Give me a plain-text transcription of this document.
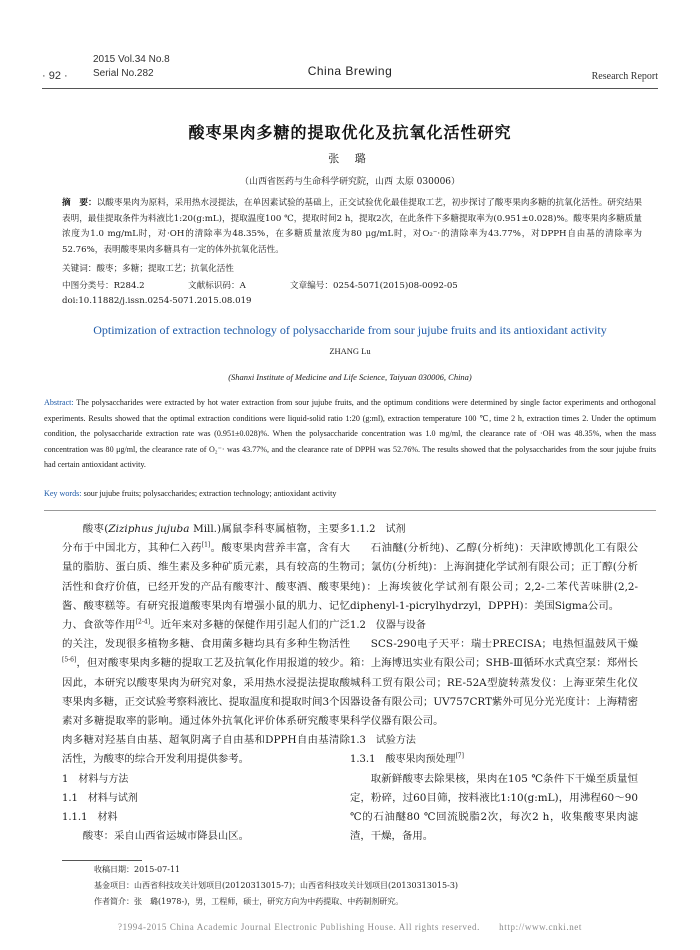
· 92 ·
2015 Vol.34 No.8
Serial No.282	China Brewing	Research Report
酸枣果肉多糖的提取优化及抗氧化活性研究
张 璐
（山西省医药与生命科学研究院，山西 太原 030006）
摘　要：以酸枣果肉为原料，采用热水浸提法，在单因素试验的基础上，正交试验优化最佳提取工艺，初步探讨了酸枣果肉多糖的抗氧化活性。研究结果表明，最佳提取条件为料液比1:20(g:mL)，提取温度100 ℃，提取时间2 h，提取2次，在此条件下多糖提取率为(0.951±0.028)%。酸枣果肉多糖质量浓度为1.0 mg/mL时，对·OH的清除率为48.35%，在多糖质量浓度为80 μg/mL时，对O₂⁻·的清除率为43.77%，对DPPH自由基的清除率为52.76%，表明酸枣果肉多糖具有一定的体外抗氧化活性。
关键词：酸枣；多糖；提取工艺；抗氧化活性
中图分类号：R284.2	文献标识码：A	文章编号：0254-5071(2015)08-0092-05
doi:10.11882/j.issn.0254-5071.2015.08.019
Optimization of extraction technology of polysaccharide from sour jujube fruits and its antioxidant activity
ZHANG Lu
(Shanxi Institute of Medicine and Life Science, Taiyuan 030006, China)
Abstract: The polysaccharides were extracted by hot water extraction from sour jujube fruits, and the optimum conditions were determined by single factor experiments and orthogonal experiments. Results showed that the optimal extraction conditions were liquid-solid ratio 1:20 (g:ml), extraction temperature 100 ℃, time 2 h, extraction times 2. Under the optimum condition, the polysaccharide extraction rate was (0.951±0.028)%. When the polysaccharide concentration was 1.0 mg/ml, the clearance rate of ·OH was 48.35%, when the mass concentration was 80 μg/ml, the clearance rate of O₂⁻· was 43.77%, and the clearance rate of DPPH was 52.76%. The results showed that the polysaccharides from the sour jujube fruits had certain antioxidant activity.
Key words: sour jujube fruits; polysaccharides; extraction technology; antioxidant activity

酸枣(Ziziphus jujuba Mill.)属鼠李科枣属植物，主要多分布于中国北方，其种仁入药[1]。酸枣果肉营养丰富，含有大量的脂肪、蛋白质、维生素及多种矿质元素，具有较高的生物活性和食疗价值，已经开发的产品有酸枣汁、酸枣酒、酸枣果酱、酸枣糕等。有研究报道酸枣果肉有增强小鼠的肌力、记忆力、食欲等作用[2-4]。近年来对多糖的保健作用引起人们的广泛的关注，发现很多植物多糖、食用菌多糖均具有多种生物活性[5-6]，但对酸枣果肉多糖的提取工艺及抗氧化作用报道的较少。因此，本研究以酸枣果肉为研究对象，采用热水浸提法提取酸枣果肉多糖，正交试验考察料液比、提取温度和提取时间3个因素对多糖提取率的影响。通过体外抗氧化评价体系研究酸枣果肉多糖对羟基自由基、超氧阴离子自由基和DPPH自由基清除活性，为酸枣的综合开发利用提供参考。

1　材料与方法

1.1　材料与试剂

1.1.1　材料

酸枣：采自山西省运城市降县山区。

1.1.2　试剂

石油醚(分析纯)、乙醇(分析纯)：天津欧博凯化工有限公司；氯仿(分析纯)：上海润捷化学试剂有限公司；正丁醇(分析纯)：上海埃彼化学试剂有限公司；2,2-二苯代苦味肼(2,2-diphenyl-1-picrylhydrzyl，DPPH)：美国Sigma公司。

1.2　仪器与设备

SCS-290电子天平：瑞士PRECISA；电热恒温鼓风干燥箱：上海博迅实业有限公司；SHB-Ⅲ循环水式真空泵：郑州长城科工贸有限公司；RE-52A型旋转蒸发仪：上海亚荣生化仪器设备有限公司；UV757CRT紫外可见分光光度计：上海精密科学仪器有限公司。

1.3　试验方法

1.3.1　酸枣果肉预处理[7]

取新鲜酸枣去除果核，果肉在105 ℃条件下干燥至质量恒定，粉碎，过60目筛，按料液比1:10(g:mL)，用沸程60～90 ℃的石油醚80 ℃回流脱脂2次，每次2 h，收集酸枣果肉滤渣，干燥，备用。

收稿日期：2015-07-11
基金项目：山西省科技攻关计划项目(20120313015-7)；山西省科技攻关计划项目(20130313015-3)
作者简介：张　璐(1978-)，男，工程师，硕士，研究方向为中药提取、中药制剂研究。
?1994-2015 China Academic Journal Electronic Publishing House. All rights reserved.　　http://www.cnki.net
